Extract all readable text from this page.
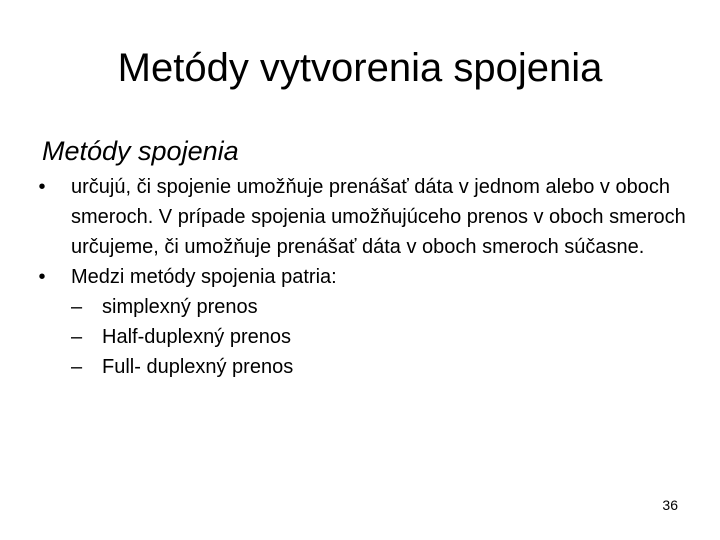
Metódy vytvorenia spojenia
Metódy spojenia
•	určujú, či spojenie umožňuje prenášať dáta v jednom alebo v oboch smeroch. V prípade spojenia umožňujúceho prenos v oboch smeroch určujeme, či umožňuje prenášať dáta v oboch smeroch súčasne.
•	Medzi metódy spojenia patria:
– simplexný prenos
– Half-duplexný prenos
– Full- duplexný prenos
36
